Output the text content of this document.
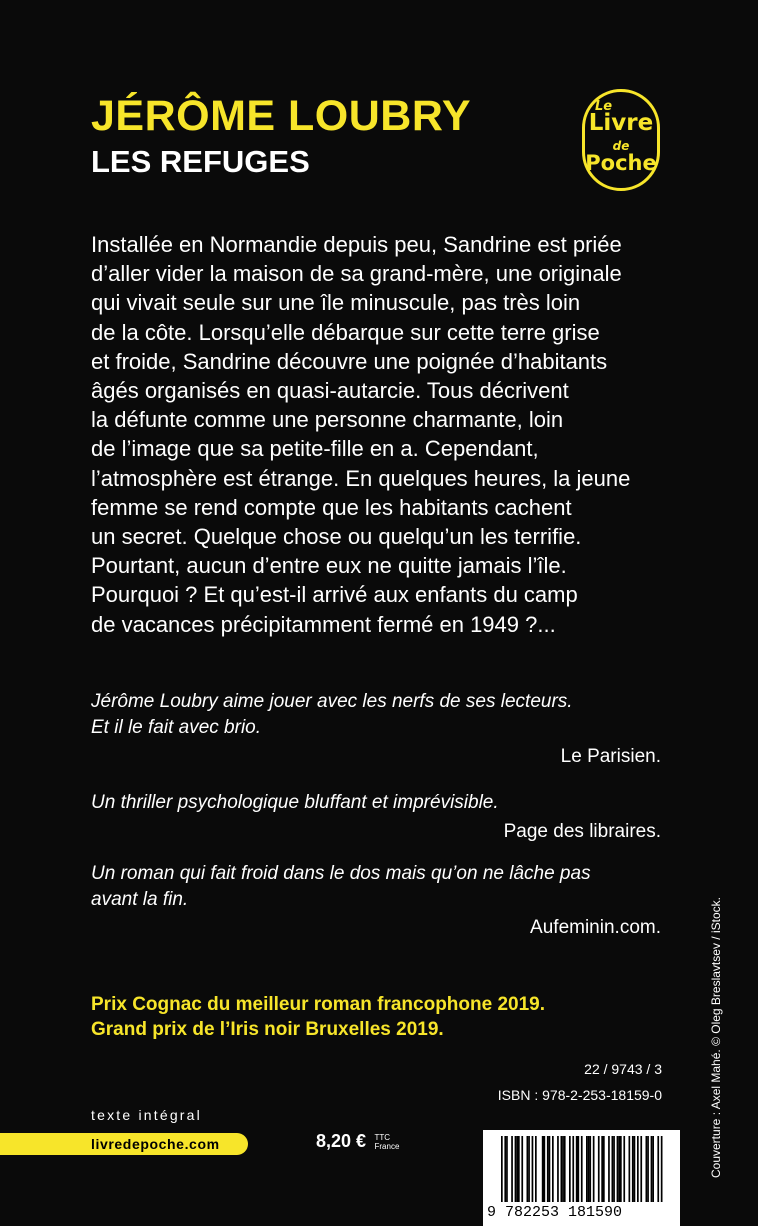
JÉRÔME LOUBRY
LES REFUGES
Le
Livre
de
Poche
Installée en Normandie depuis peu, Sandrine est priée
d’aller vider la maison de sa grand-mère, une originale
qui vivait seule sur une île minuscule, pas très loin
de la côte. Lorsqu’elle débarque sur cette terre grise
et froide, Sandrine découvre une poignée d’habitants
âgés organisés en quasi-autarcie. Tous décrivent
la défunte comme une personne charmante, loin
de l’image que sa petite-fille en a. Cependant,
l’atmosphère est étrange. En quelques heures, la jeune
femme se rend compte que les habitants cachent
un secret. Quelque chose ou quelqu’un les terrifie.
Pourtant, aucun d’entre eux ne quitte jamais l’île.
Pourquoi ? Et qu’est-il arrivé aux enfants du camp
de vacances précipitamment fermé en 1949 ?...
Jérôme Loubry aime jouer avec les nerfs de ses lecteurs.
Et il le fait avec brio.
Le Parisien.
Un thriller psychologique bluffant et imprévisible.
Page des libraires.
Un roman qui fait froid dans le dos mais qu’on ne lâche pas
avant la fin.
Aufeminin.com.
Prix Cognac du meilleur roman francophone 2019.
Grand prix de l’Iris noir Bruxelles 2019.	Couverture : Axel Mahé. © Oleg Breslavtsev / iStock.
texte intégral
livredepoche.com	8,20 € TTC
France
22 / 9743 / 3
ISBN : 978-2-253-18159-0
9 782253 181590
